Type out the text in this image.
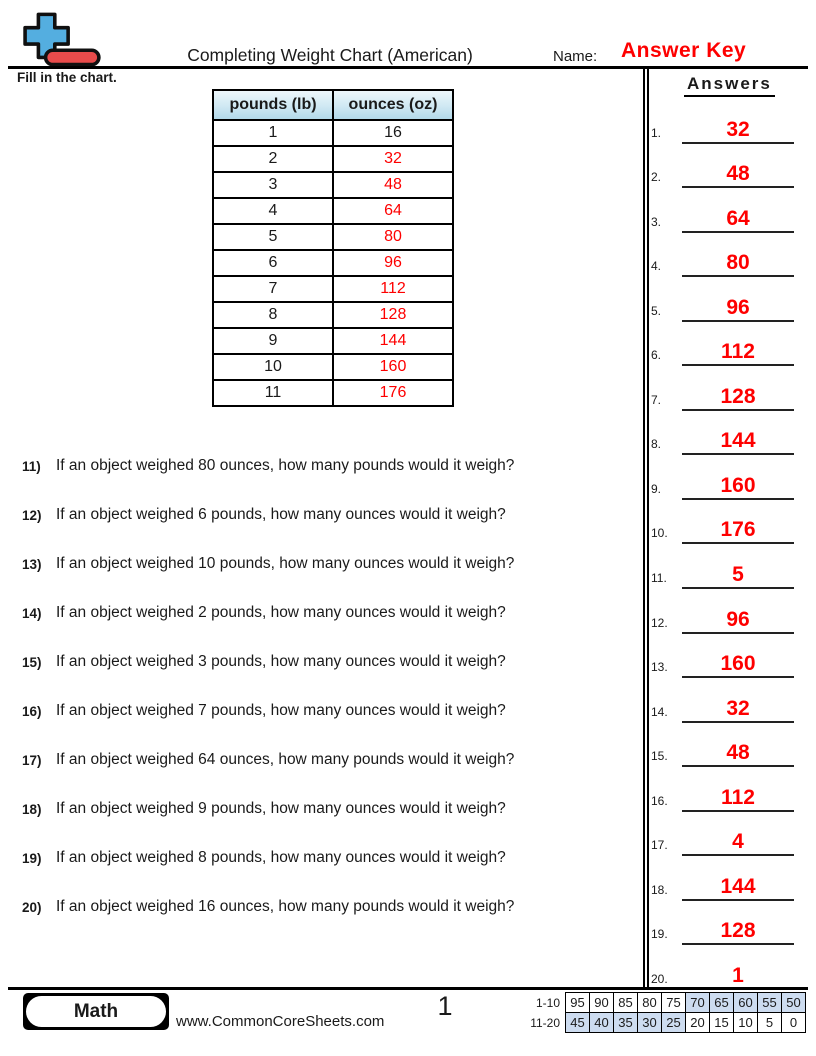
Completing Weight Chart (American)	Name: Answer Key
Fill in the chart.
pounds (lb)	ounces (oz)
1	16
2	32
3	48
4	64
5	80
6	96
7	112
8	128
9	144
10	160
11	176
11) If an object weighed 80 ounces, how many pounds would it weigh?
12) If an object weighed 6 pounds, how many ounces would it weigh?
13) If an object weighed 10 pounds, how many ounces would it weigh?
14) If an object weighed 2 pounds, how many ounces would it weigh?
15) If an object weighed 3 pounds, how many ounces would it weigh?
16) If an object weighed 7 pounds, how many ounces would it weigh?
17) If an object weighed 64 ounces, how many pounds would it weigh?
18) If an object weighed 9 pounds, how many ounces would it weigh?
19) If an object weighed 8 pounds, how many ounces would it weigh?
20) If an object weighed 16 ounces, how many pounds would it weigh?
Answers
1.	32
2.	48
3.	64
4.	80
5.	96
6.	112
7.	128
8.	144
9.	160
10.	176
11.	5
12.	96
13.	160
14.	32
15.	48
16.	112
17.	4
18.	144
19.	128
20.	1
Math	www.CommonCoreSheets.com
1	1-10	95	90	85	80	75	70	65	60	55	50
11-20	45	40	35	30	25	20	15	10	5	0
